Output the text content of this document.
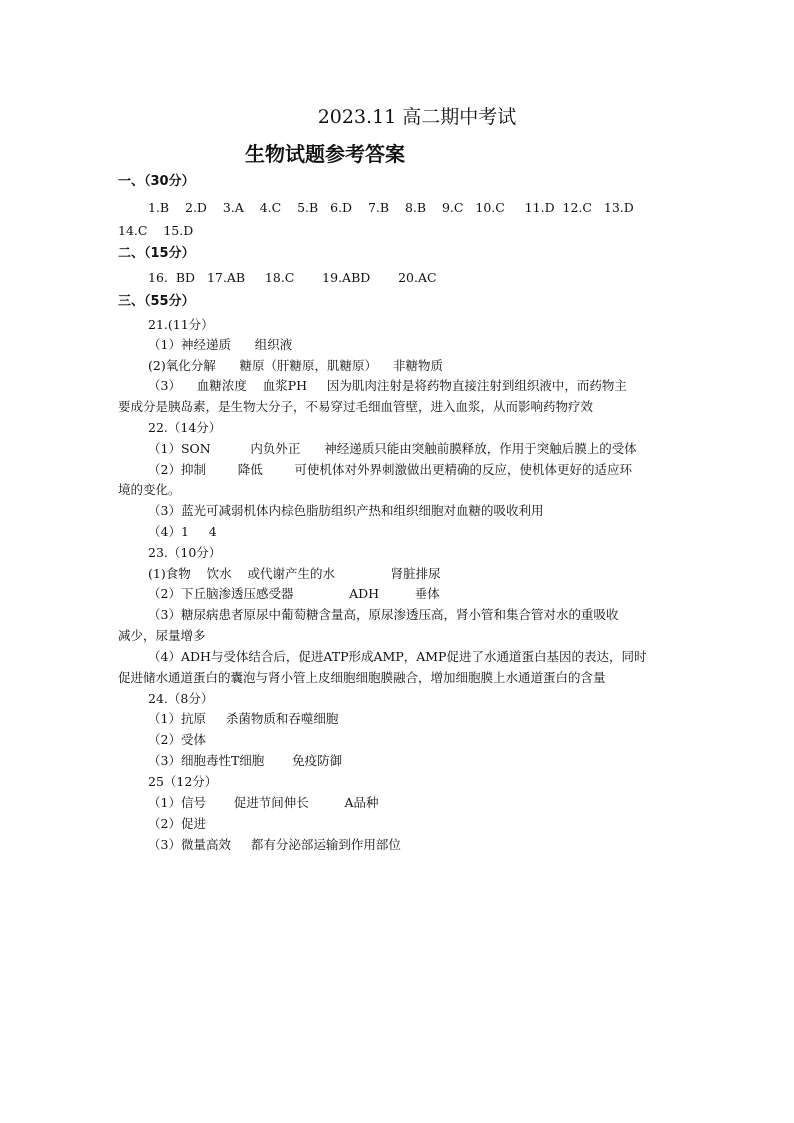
2023.11 高二期中考试
生物试题参考答案
一、（30分）
1.B    2.D    3.A    4.C    5.B   6.D    7.B    8.B    9.C   10.C     11.D  12.C   13.D
14.C    15.D
二、（15分）
16.  BD   17.AB     18.C       19.ABD       20.AC
三、（55分）
21.(11分）
（1）神经递质      组织液
(2)氧化分解      糖原（肝糖原，肌糖原）    非糖物质
（3）    血糖浓度    血浆PH     因为肌肉注射是将药物直接注射到组织液中，而药物主
要成分是胰岛素，是生物大分子，不易穿过毛细血管壁，进入血浆，从而影响药物疗效
22.（14分）
（1）SON          内负外正      神经递质只能由突触前膜释放，作用于突触后膜上的受体
（2）抑制        降低        可使机体对外界刺激做出更精确的反应，使机体更好的适应环
境的变化。
（3）蓝光可减弱机体内棕色脂肪组织产热和组织细胞对血糖的吸收利用
（4）1     4
23.（10分）
(1)食物    饮水    或代谢产生的水              肾脏排尿
（2）下丘脑渗透压感受器              ADH         垂体
（3）糖尿病患者原尿中葡萄糖含量高，原尿渗透压高，肾小管和集合管对水的重吸收
减少，尿量增多
（4）ADH与受体结合后，促进ATP形成AMP，AMP促进了水通道蛋白基因的表达，同时
促进储水通道蛋白的囊泡与肾小管上皮细胞细胞膜融合，增加细胞膜上水通道蛋白的含量
24.（8分）
（1）抗原     杀菌物质和吞噬细胞
（2）受体
（3）细胞毒性T细胞       免疫防御
25（12分）
（1）信号       促进节间伸长         A品种
（2）促进
（3）微量高效     都有分泌部运输到作用部位
